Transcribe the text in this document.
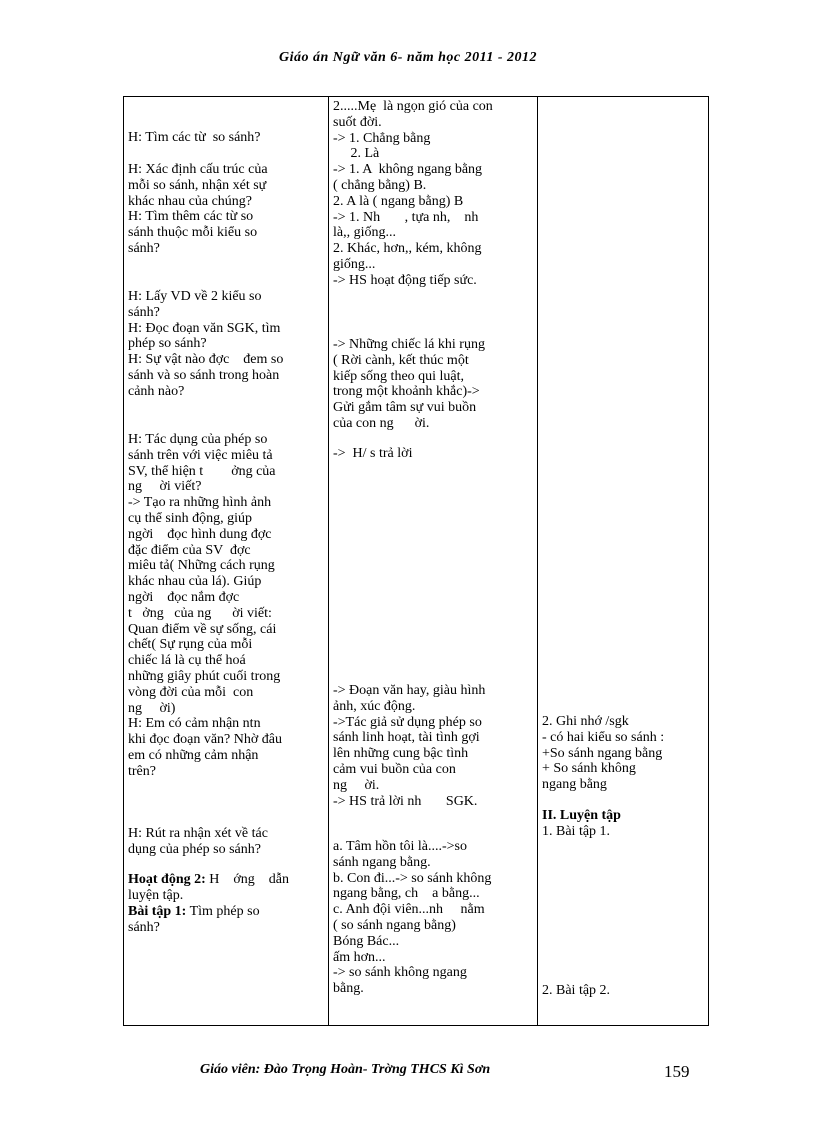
Giáo án Ngữ văn 6- năm học 2011 - 2012
H: Tìm các từ  so sánh?
H: Xác định cấu trúc của
mỗi so sánh, nhận xét sự
khác nhau của chúng?
H: Tìm thêm các từ so
sánh thuộc mỗi kiểu so
sánh?
H: Lấy VD về 2 kiểu so
sánh?
H: Đọc đoạn văn SGK, tìm
phép so sánh?
H: Sự vật nào đợc    đem so
sánh và so sánh trong hoàn
cảnh nào?
H: Tác dụng của phép so
sánh trên với việc miêu tả
SV, thể hiện t        ởng của
ng     ời viết?
-> Tạo ra những hình ảnh
cụ thể sinh động, giúp
ngời    đọc hình dung đợc
đặc điểm của SV  đợc
miêu tả( Những cách rụng
khác nhau của lá). Giúp
ngời    đọc nắm đợc
t   ởng   của ng      ời viết:
Quan điểm về sự sống, cái
chết( Sự rụng của mỗi
chiếc lá là cụ thể hoá
những giây phút cuối trong
vòng đời của mỗi  con
ng     ời)
H: Em có cảm nhận ntn
khi đọc đoạn văn? Nhờ đâu
em có những cảm nhận
trên?
H: Rút ra nhận xét về tác
dụng của phép so sánh?
Hoạt động 2: H    ớng    dẫn
luyện tập.
Bài tập 1: Tìm phép so
sánh?
2.....Mẹ  là ngọn gió của con
suốt đời.
-> 1. Chẳng bằng
2. Là
-> 1. A  không ngang bằng
( chẳng bằng) B.
2. A là ( ngang bằng) B
-> 1. Nh       , tựa nh,    nh
là,, giống...
2. Khác, hơn,, kém, không
giống...
-> HS hoạt động tiếp sức.
-> Những chiếc lá khi rụng
( Rời cành, kết thúc một
kiếp sống theo qui luật,
trong một khoảnh khắc)->
Gửi gắm tâm sự vui buồn
của con ng      ời.
->  H/ s trả lời
-> Đoạn văn hay, giàu hình
ảnh, xúc động.
->Tác giả sử dụng phép so
sánh linh hoạt, tài tình gợi
lên những cung bậc tình
cảm vui buồn của con
ng     ời.
-> HS trả lời nh       SGK.
a. Tâm hồn tôi là....->so
sánh ngang bằng.
b. Con đi...-> so sánh không
ngang bằng, ch    a bằng...
c. Anh đội viên...nh     nằm
( so sánh ngang bằng)
Bóng Bác...
ấm hơn...
-> so sánh không ngang
bằng.
2. Ghi nhớ /sgk
- có hai kiểu so sánh :
+So sánh ngang bằng
+ So sánh không
ngang bằng
II. Luyện tập
1. Bài tập 1.
2. Bài tập 2.
Giáo viên: Đào Trọng Hoàn- Trờng THCS Kì Sơn	159
